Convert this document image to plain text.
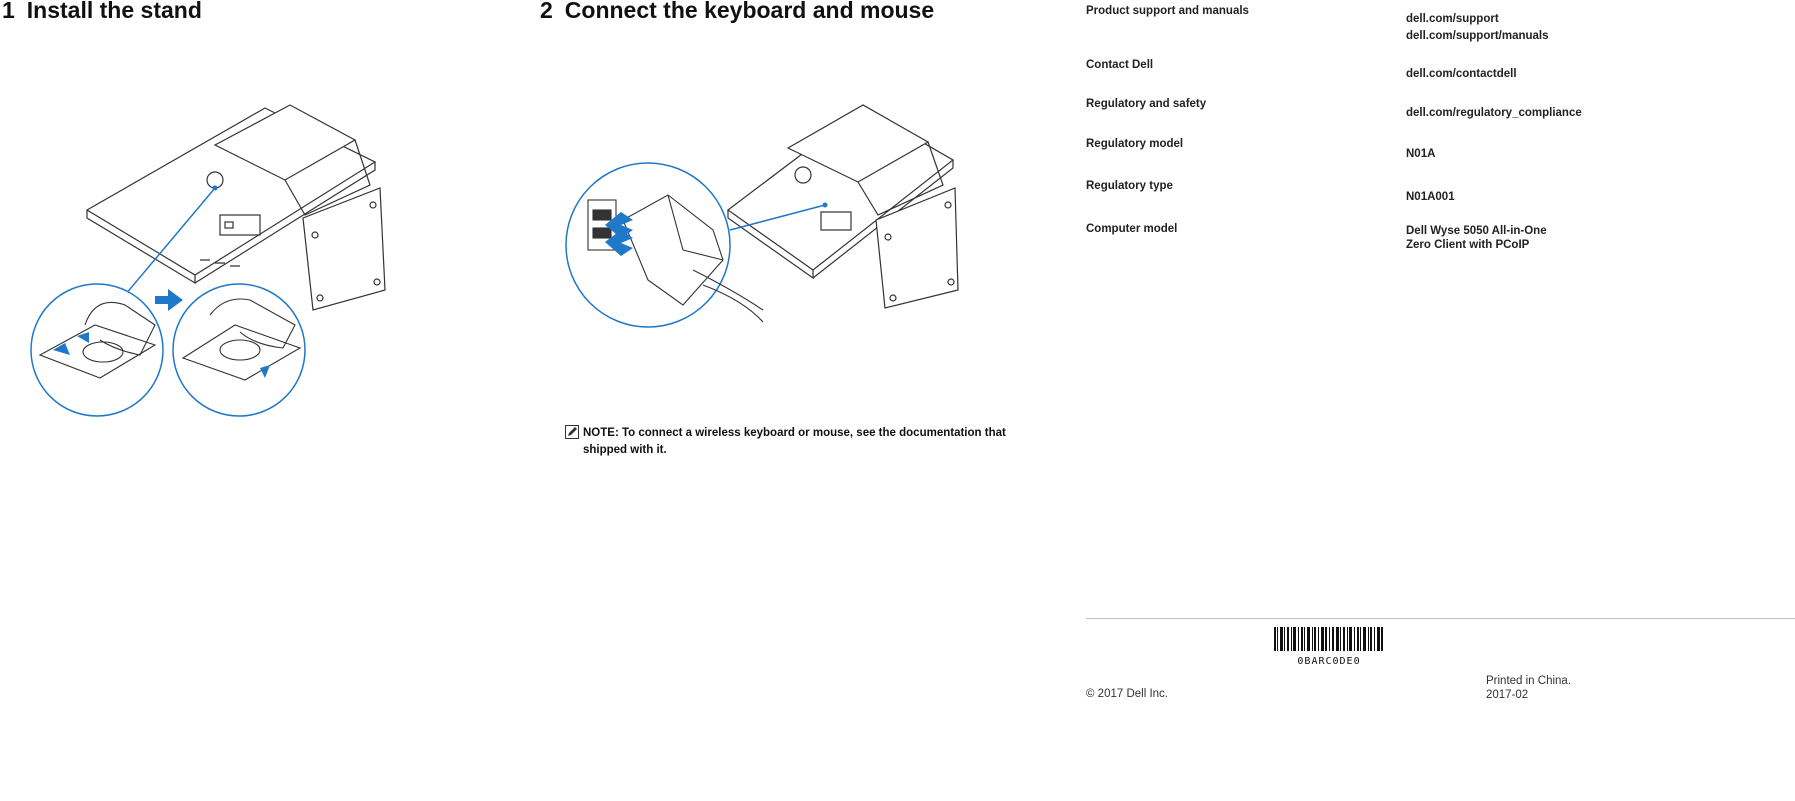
1 Install the stand	2 Connect the keyboard and mouse
NOTE: To connect a wireless keyboard or mouse, see the documentation that shipped with it.
Product support and manuals
dell.com/support
dell.com/support/manuals
Contact Dell
dell.com/contactdell
Regulatory and safety
dell.com/regulatory_compliance
Regulatory model
N01A
Regulatory type
N01A001
Computer model	Dell Wyse 5050 All-in-One
Zero Client with PCoIP
0BARC0DE0
© 2017 Dell Inc.
Printed in China.
2017-02
